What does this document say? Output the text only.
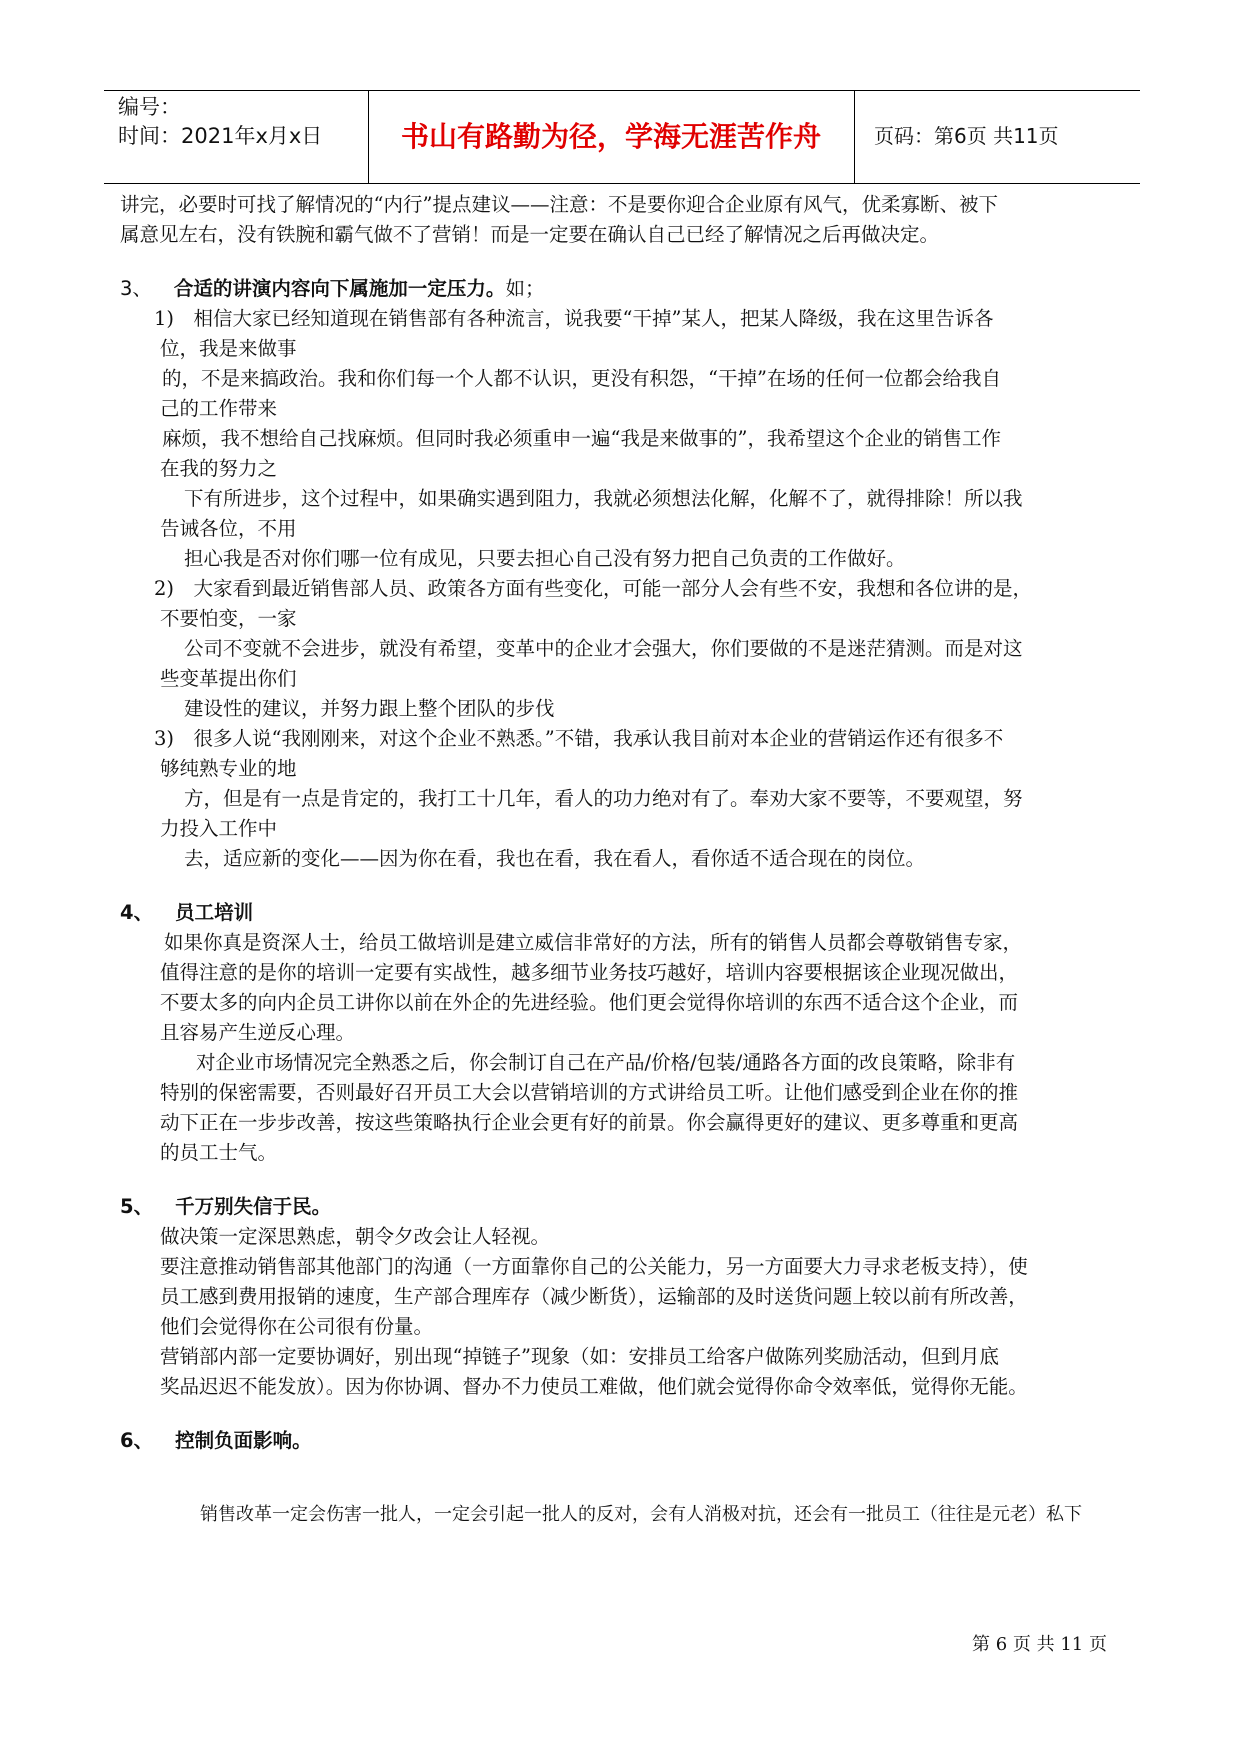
编号：
时间：2021年x月x日	书山有路勤为径，学海无涯苦作舟	页码：第6页 共11页
讲完，必要时可找了解情况的“内行”提点建议——注意：不是要你迎合企业原有风气，优柔寡断、被下
属意见左右，没有铁腕和霸气做不了营销！而是一定要在确认自己已经了解情况之后再做决定。
3、 合适的讲演内容向下属施加一定压力。如；
1)　相信大家已经知道现在销售部有各种流言，说我要“干掉”某人，把某人降级，我在这里告诉各
位，我是来做事
的，不是来搞政治。我和你们每一个人都不认识，更没有积怨，“干掉”在场的任何一位都会给我自
己的工作带来
麻烦，我不想给自己找麻烦。但同时我必须重申一遍“我是来做事的”，我希望这个企业的销售工作
在我的努力之
下有所进步，这个过程中，如果确实遇到阻力，我就必须想法化解，化解不了，就得排除！所以我
告诫各位，不用
担心我是否对你们哪一位有成见，只要去担心自己没有努力把自己负责的工作做好。
2)　大家看到最近销售部人员、政策各方面有些变化，可能一部分人会有些不安，我想和各位讲的是，
不要怕变，一家
公司不变就不会进步，就没有希望，变革中的企业才会强大，你们要做的不是迷茫猜测。而是对这
些变革提出你们
建设性的建议，并努力跟上整个团队的步伐
3)　很多人说“我刚刚来，对这个企业不熟悉。”不错，我承认我目前对本企业的营销运作还有很多不
够纯熟专业的地
方，但是有一点是肯定的，我打工十几年，看人的功力绝对有了。奉劝大家不要等，不要观望，努
力投入工作中
去，适应新的变化——因为你在看，我也在看，我在看人，看你适不适合现在的岗位。
4、 员工培训
如果你真是资深人士，给员工做培训是建立威信非常好的方法，所有的销售人员都会尊敬销售专家，
值得注意的是你的培训一定要有实战性，越多细节业务技巧越好，培训内容要根据该企业现况做出，
不要太多的向内企员工讲你以前在外企的先进经验。他们更会觉得你培训的东西不适合这个企业，而
且容易产生逆反心理。
对企业市场情况完全熟悉之后，你会制订自己在产品/价格/包装/通路各方面的改良策略，除非有
特别的保密需要，否则最好召开员工大会以营销培训的方式讲给员工听。让他们感受到企业在你的推
动下正在一步步改善，按这些策略执行企业会更有好的前景。你会赢得更好的建议、更多尊重和更高
的员工士气。
5、 千万别失信于民。
做决策一定深思熟虑，朝令夕改会让人轻视。
要注意推动销售部其他部门的沟通（一方面靠你自己的公关能力，另一方面要大力寻求老板支持），使
员工感到费用报销的速度，生产部合理库存（减少断货），运输部的及时送货问题上较以前有所改善，
他们会觉得你在公司很有份量。
营销部内部一定要协调好，别出现“掉链子”现象（如：安排员工给客户做陈列奖励活动，但到月底
奖品迟迟不能发放）。因为你协调、督办不力使员工难做，他们就会觉得你命令效率低，觉得你无能。
6、 控制负面影响。
销售改革一定会伤害一批人，一定会引起一批人的反对，会有人消极对抗，还会有一批员工（往往是元老）私下
第 6 页 共 11 页
